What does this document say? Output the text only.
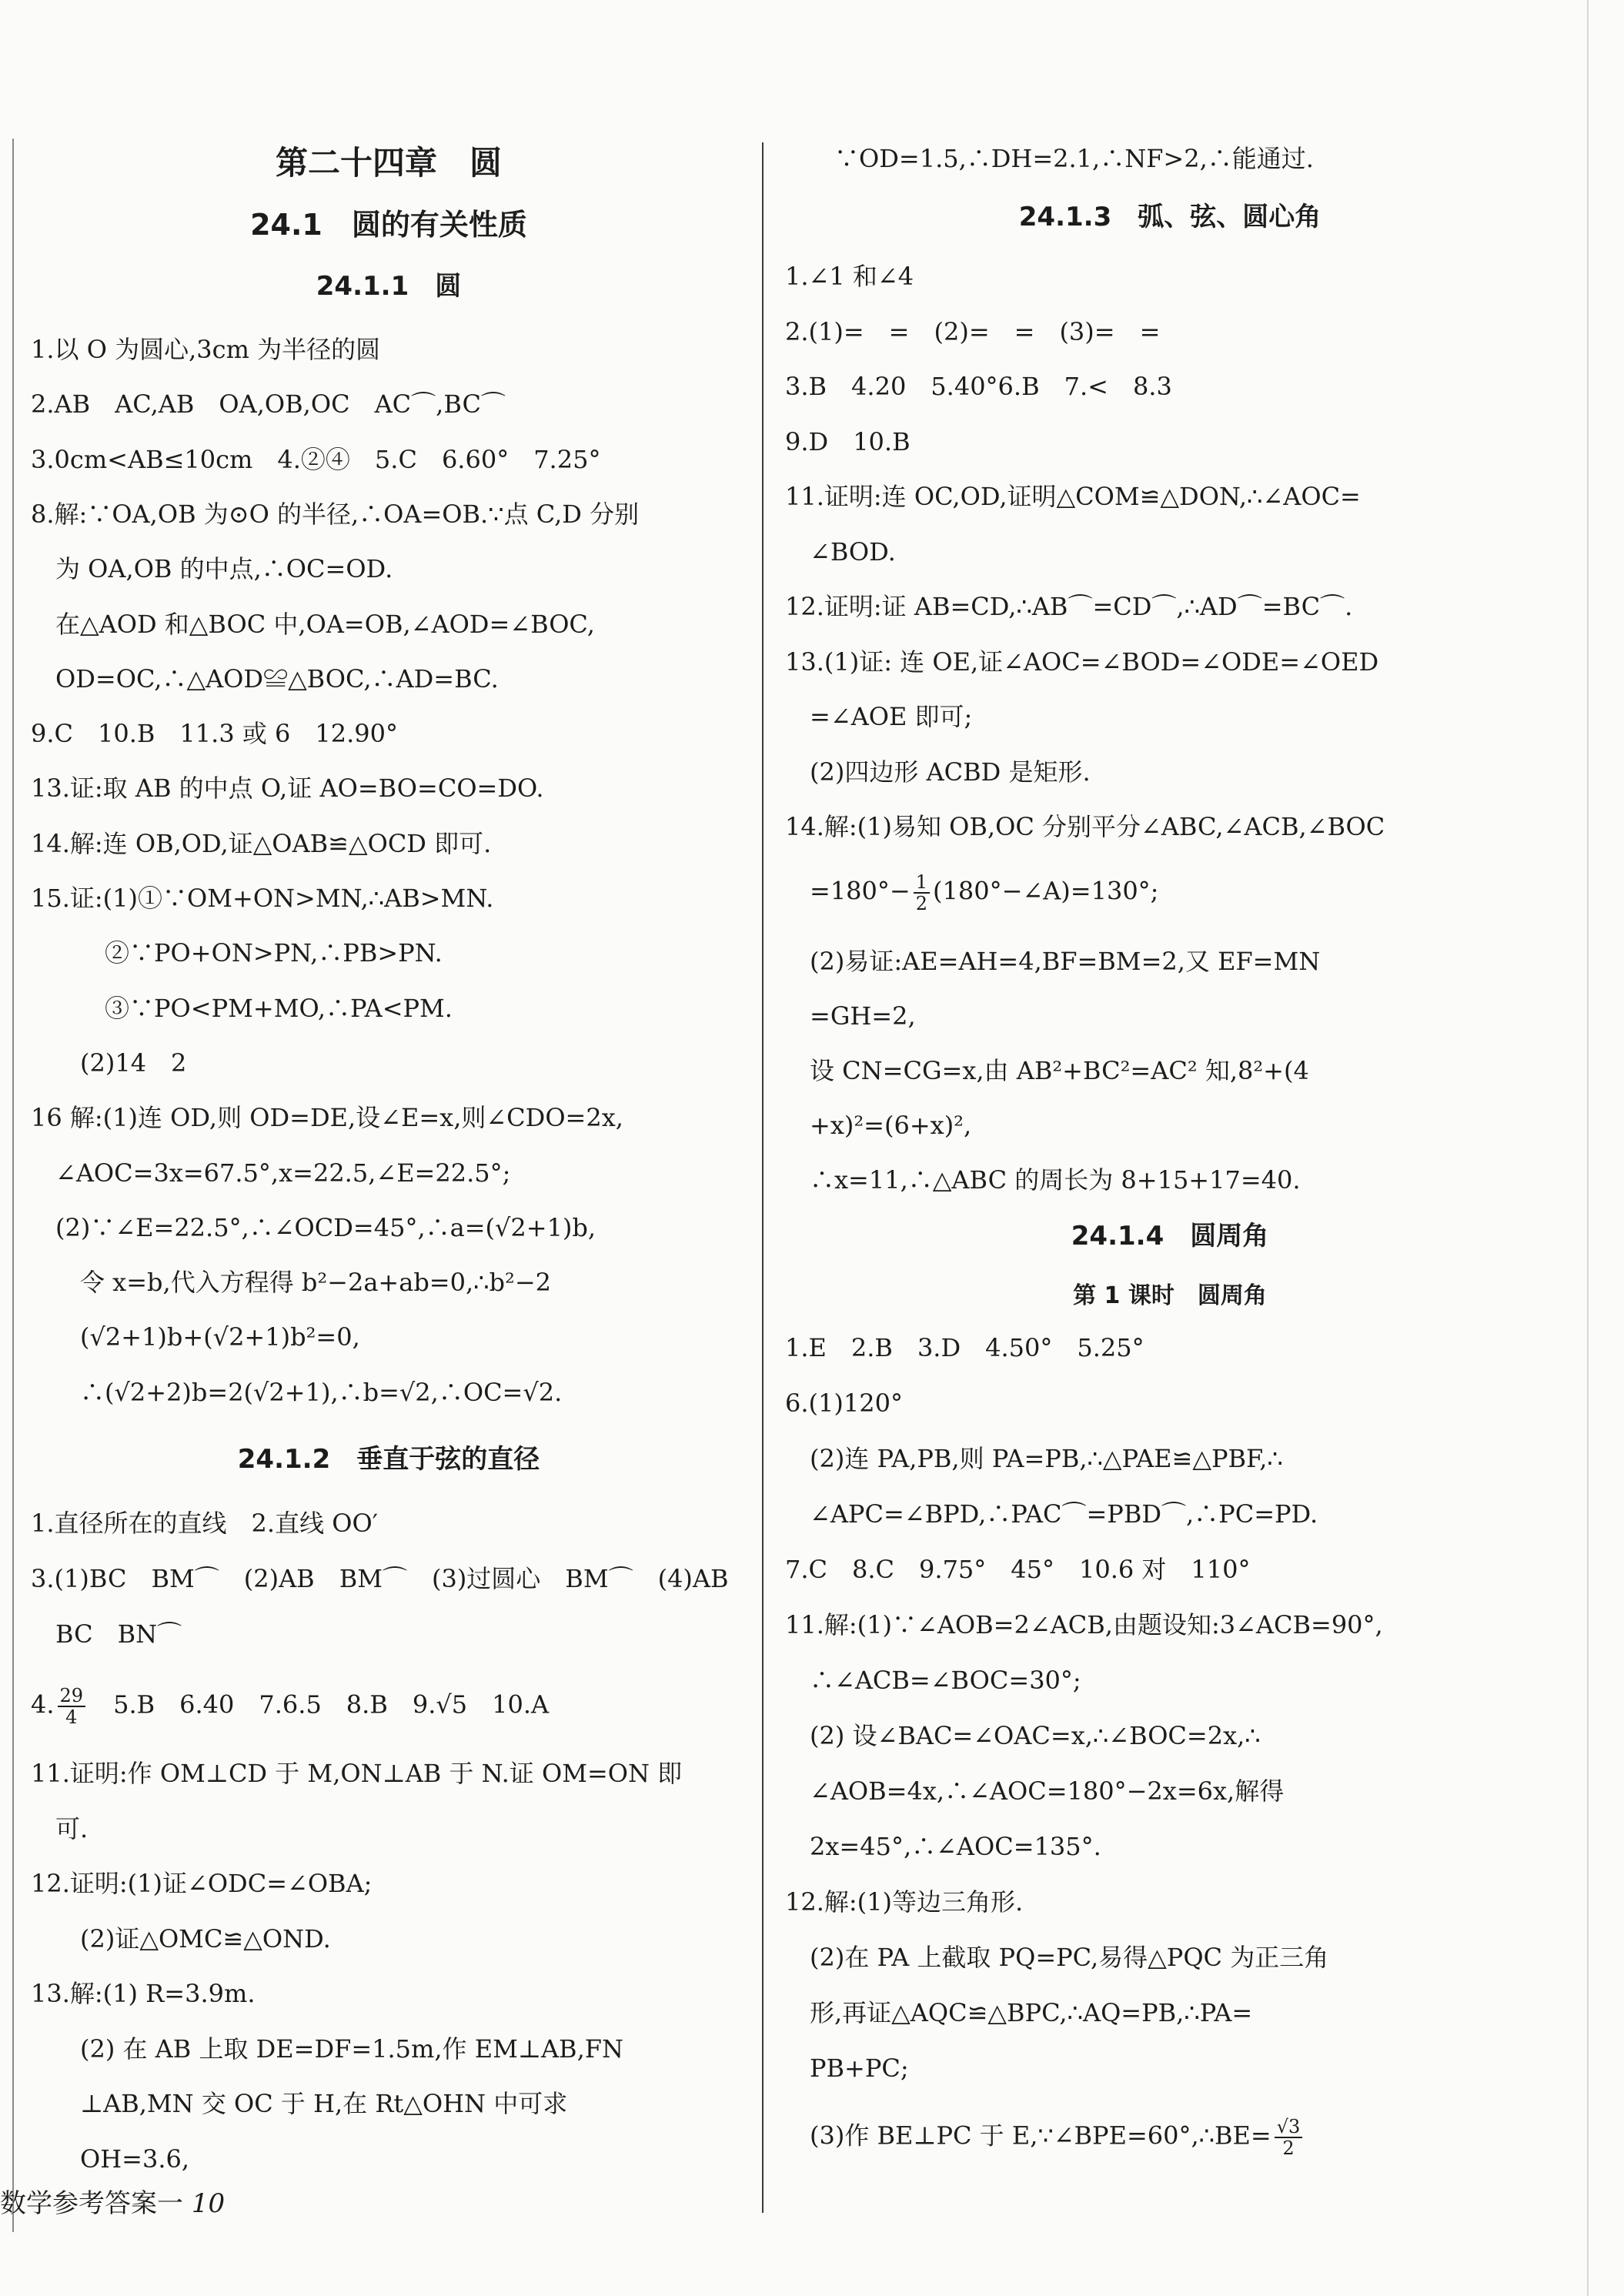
第二十四章　圆
24.1　圆的有关性质
24.1.1　圆
1.以 O 为圆心,3cm 为半径的圆
2.AB　AC,AB　OA,OB,OC　AC⌒,BC⌒
3.0cm<AB≤10cm　4.②④　5.C　6.60°　7.25°
8.解:∵OA,OB 为⊙O 的半径,∴OA=OB.∵点 C,D 分别
　为 OA,OB 的中点,∴OC=OD.
　在△AOD 和△BOC 中,OA=OB,∠AOD=∠BOC,
　OD=OC,∴△AOD≌△BOC,∴AD=BC.
9.C　10.B　11.3 或 6　12.90°
13.证:取 AB 的中点 O,证 AO=BO=CO=DO.
14.解:连 OB,OD,证△OAB≌△OCD 即可.
15.证:(1)①∵OM+ON>MN,∴AB>MN.
　　　②∵PO+ON>PN,∴PB>PN.
　　　③∵PO<PM+MO,∴PA<PM.
　　(2)14　2
16 解:(1)连 OD,则 OD=DE,设∠E=x,则∠CDO=2x,
　∠AOC=3x=67.5°,x=22.5,∠E=22.5°;
　(2)∵∠E=22.5°,∴∠OCD=45°,∴a=(√2+1)b,
　　令 x=b,代入方程得 b²−2a+ab=0,∴b²−2
　　(√2+1)b+(√2+1)b²=0,
　　∴(√2+2)b=2(√2+1),∴b=√2,∴OC=√2.
24.1.2　垂直于弦的直径
1.直径所在的直线　2.直线 OO′
3.(1)BC　BM⌒　(2)AB　BM⌒　(3)过圆心　BM⌒　(4)AB
　BC　BN⌒
4. $\frac{29}{4}$ 　5.B　6.40　7.6.5　8.B　9.√5　10.A
11.证明:作 OM⊥CD 于 M,ON⊥AB 于 N.证 OM=ON 即
　可.
12.证明:(1)证∠ODC=∠OBA;
　　(2)证△OMC≌△OND.
13.解:(1) R=3.9m.
　　(2) 在 AB 上取 DE=DF=1.5m,作 EM⊥AB,FN
　　⊥AB,MN 交 OC 于 H,在 Rt△OHN 中可求
　　OH=3.6,
　　∵OD=1.5,∴DH=2.1,∴NF>2,∴能通过.
24.1.3　弧、弦、圆心角
1.∠1 和∠4
2.(1)=　=　(2)=　=　(3)=　=
3.B　4.20　5.40°6.B　7.<　8.3
9.D　10.B
11.证明:连 OC,OD,证明△COM≌△DON,∴∠AOC=
　∠BOD.
12.证明:证 AB=CD,∴AB⌒=CD⌒,∴AD⌒=BC⌒.
13.(1)证: 连 OE,证∠AOC=∠BOD=∠ODE=∠OED
　=∠AOE 即可;
　(2)四边形 ACBD 是矩形.
14.解:(1)易知 OB,OC 分别平分∠ABC,∠ACB,∠BOC
　$=180^\circ- \frac{1}{2}$ (180°−∠A)=130°;
　(2)易证:AE=AH=4,BF=BM=2,又 EF=MN
　=GH=2,
　设 CN=CG=x,由 AB²+BC²=AC² 知,8²+(4
　+x)²=(6+x)²,
　∴x=11,∴△ABC 的周长为 8+15+17=40.
24.1.4　圆周角
第 1 课时　圆周角
1.E　2.B　3.D　4.50°　5.25°
6.(1)120°
　(2)连 PA,PB,则 PA=PB,∴△PAE≌△PBF,∴
　∠APC=∠BPD,∴PAC⌒=PBD⌒,∴PC=PD.
7.C　8.C　9.75°　45°　10.6 对　110°
11.解:(1)∵∠AOB=2∠ACB,由题设知:3∠ACB=90°,
　∴∠ACB=∠BOC=30°;
　(2) 设∠BAC=∠OAC=x,∴∠BOC=2x,∴
　∠AOB=4x,∴∠AOC=180°−2x=6x,解得
　2x=45°,∴∠AOC=135°.
12.解:(1)等边三角形.
　(2)在 PA 上截取 PQ=PC,易得△PQC 为正三角
　形,再证△AQC≌△BPC,∴AQ=PB,∴PA=
　PB+PC;
　(3)作 BE⊥PC 于 E,∵∠BPE=60°,∴BE= $\frac{√3}{2}$
数学参考答案一 10
